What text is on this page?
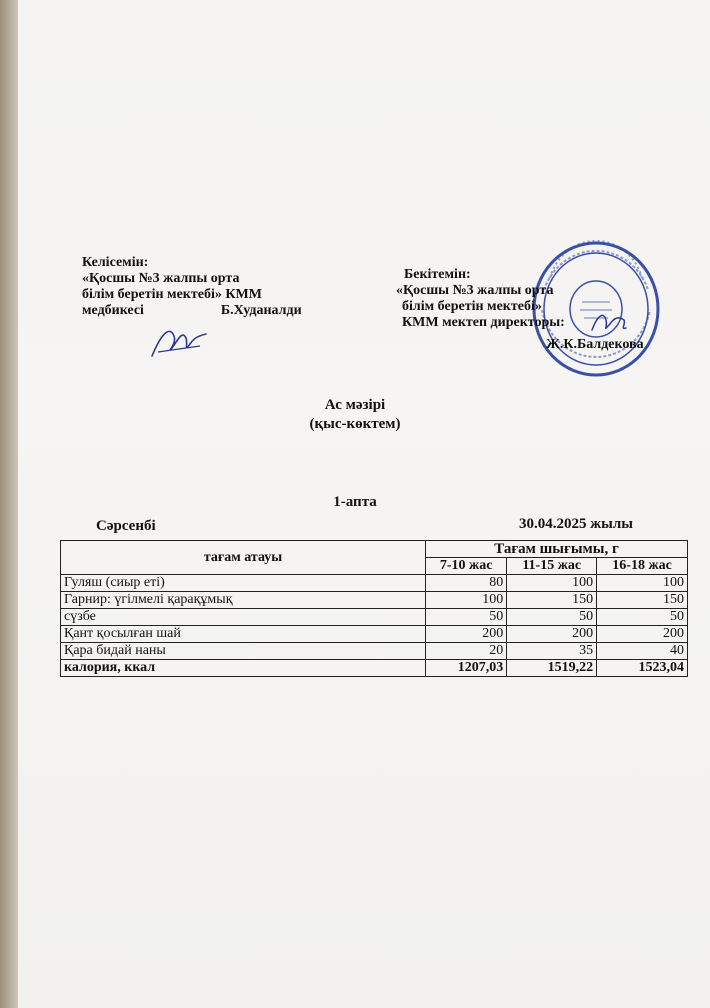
Келісемін:
«Қосшы №3 жалпы орта
білім беретін мектебі» КММ
медбикесі	Б.Худаналди
Бекітемін:
«Қосшы №3 жалпы орта
білім беретін мектебі»
КММ мектеп директоры:
Ж.К.Балдекова
Ас мәзірі
(қыс-көктем)
1-апта
Сәрсенбі	30.04.2025 жылы
тағам атауы	Тағам шығымы, г		
	7-10 жас	11-15 жас	16-18 жас
Гуляш (сиыр еті)	80	100	100
Гарнир: үгілмелі қарақұмық	100	150	150
сүзбе	50	50	50
Қант қосылған шай	200	200	200
Қара бидай наны	20	35	40
калория, ккал	1207,03	1519,22	1523,04
